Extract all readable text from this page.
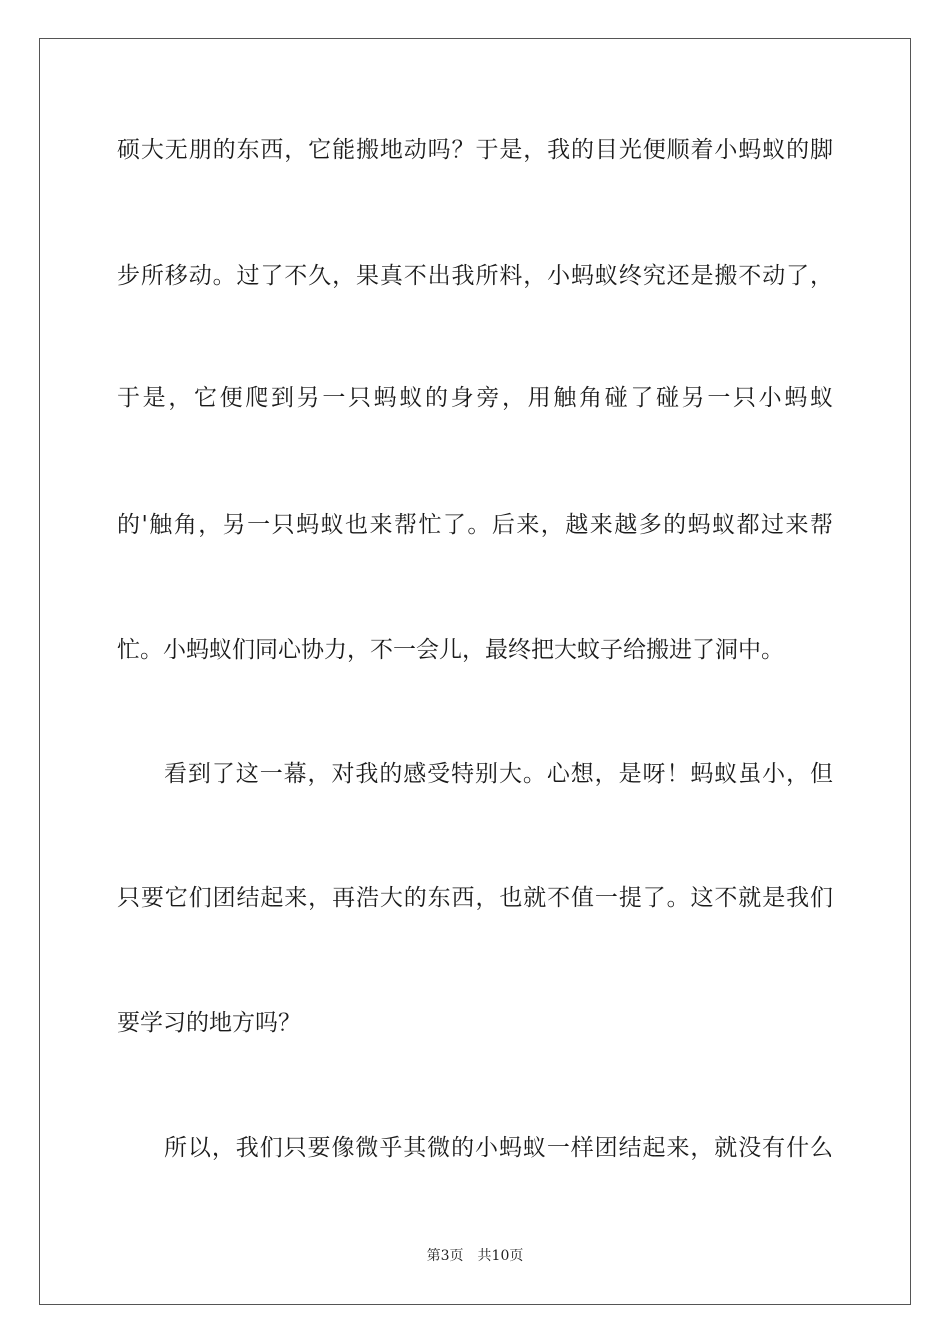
硕大无朋的东西，它能搬地动吗？于是，我的目光便顺着小蚂蚁的脚
步所移动。过了不久，果真不出我所料，小蚂蚁终究还是搬不动了，
于是，它便爬到另一只蚂蚁的身旁，用触角碰了碰另一只小蚂蚁
的'触角，另一只蚂蚁也来帮忙了。后来，越来越多的蚂蚁都过来帮
忙。小蚂蚁们同心协力，不一会儿，最终把大蚊子给搬进了洞中。
看到了这一幕，对我的感受特别大。心想，是呀！蚂蚁虽小，但
只要它们团结起来，再浩大的东西，也就不值一提了。这不就是我们
要学习的地方吗？
所以，我们只要像微乎其微的小蚂蚁一样团结起来，就没有什么
第3页 共10页
